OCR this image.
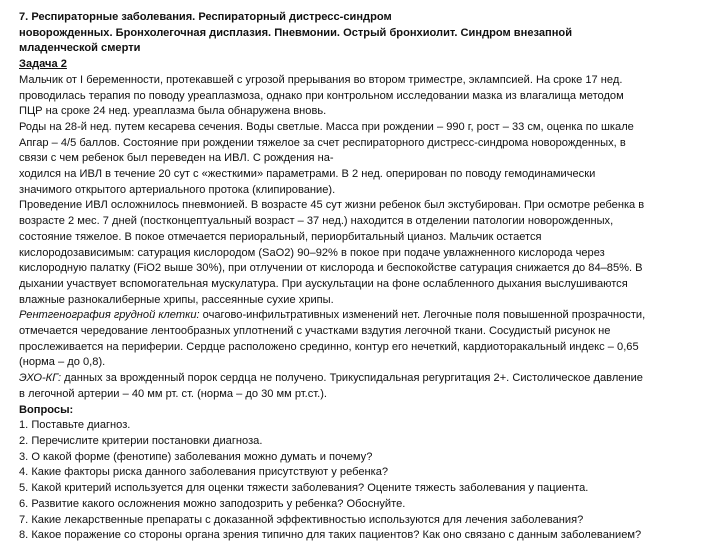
7. Респираторные заболевания. Респираторный дистресс-синдром
новорожденных. Бронхолегочная дисплазия. Пневмонии. Острый бронхиолит. Синдром внезапной
младенческой смерти
Задача 2
Мальчик от I беременности, протекавшей с угрозой прерывания во втором триместре, эклампсией. На сроке 17 нед.
проводилась терапия по поводу уреаплазмоза, однако при контрольном исследовании мазка из влагалища методом
ПЦР на сроке 24 нед. уреаплазма была обнаружена вновь.
Роды на 28-й нед. путем кесарева сечения. Воды светлые. Масса при рождении – 990 г, рост – 33 см, оценка по шкале
Апгар – 4/5 баллов. Состояние при рождении тяжелое за счет респираторного дистресс-синдрома новорожденных, в
связи с чем ребенок был переведен на ИВЛ. С рождения на-
ходился на ИВЛ в течение 20 сут с «жесткими» параметрами. В 2 нед. оперирован по поводу гемодинамически
значимого открытого артериального протока (клипирование).
Проведение ИВЛ осложнилось пневмонией. В возрасте 45 сут жизни ребенок был экстубирован. При осмотре ребенка в
возрасте 2 мес. 7 дней (постконцептуальный возраст – 37 нед.) находится в отделении патологии новорожденных,
состояние тяжелое. В покое отмечается периоральный, периорбитальный цианоз. Мальчик остается
кислородозависимым: сатурация кислородом (SaO2) 90–92% в покое при подаче увлажненного кислорода через
кислородную палатку (FiO2 выше 30%), при отлучении от кислорода и беспокойстве сатурация снижается до 84–85%. В
дыхании участвует вспомогательная мускулатура. При аускультации на фоне ослабленного дыхания выслушиваются
влажные разнокалиберные хрипы, рассеянные сухие хрипы.
Рентгенография грудной клетки: очагово-инфильтративных изменений нет. Легочные поля повышенной прозрачности,
отмечается чередование лентообразных уплотнений с участками вздутия легочной ткани. Сосудистый рисунок не
прослеживается на периферии. Сердце расположено срединно, контур его нечеткий, кардиоторакальный индекс – 0,65
(норма – до 0,8).
ЭХО-КГ: данных за врожденный порок сердца не получено. Трикуспидальная регургитация 2+. Систолическое давление
в легочной артерии – 40 мм рт. ст. (норма – до 30 мм рт.ст.).
Вопросы:
1. Поставьте диагноз.
2. Перечислите критерии постановки диагноза.
3. О какой форме (фенотипе) заболевания можно думать и почему?
4. Какие факторы риска данного заболевания присутствуют у ребенка?
5. Какой критерий используется для оценки тяжести заболевания? Оцените тяжесть заболевания у пациента.
6. Развитие какого осложнения можно заподозрить у ребенка? Обоснуйте.
7. Какие лекарственные препараты с доказанной эффективностью используются для лечения заболевания?
8. Какое поражение со стороны органа зрения типично для таких пациентов? Как оно связано с данным заболеванием?
